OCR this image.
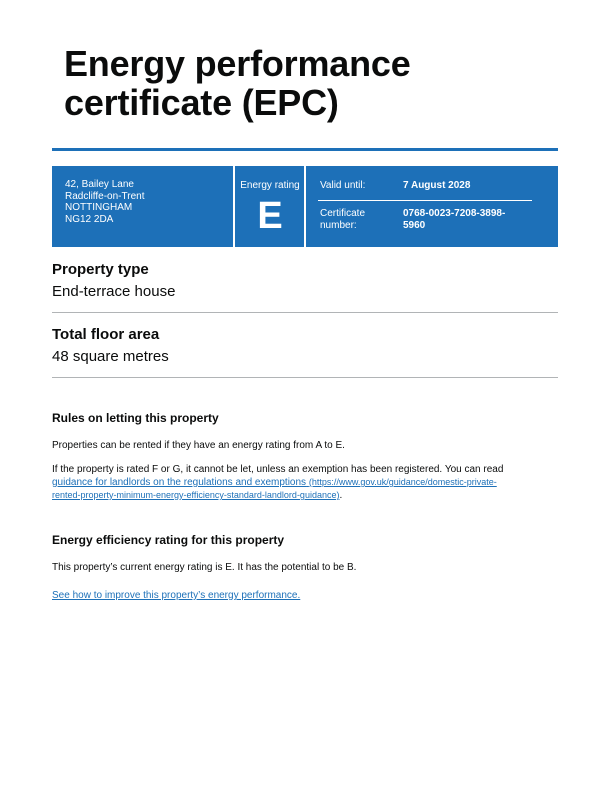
Energy performance certificate (EPC)
42, Bailey Lane
Radcliffe-on-Trent
NOTTINGHAM
NG12 2DA
Energy rating
E
Valid until:	7 August 2028
Certificate
number:
0768-0023-7208-3898-
5960
Property type

End-terrace house

Total floor area

48 square metres

Rules on letting this property

Properties can be rented if they have an energy rating from A to E.

If the property is rated F or G, it cannot be let, unless an exemption has been registered. You can read
guidance for landlords on the regulations and exemptions (https://www.gov.uk/guidance/domestic-private-
rented-property-minimum-energy-efficiency-standard-landlord-guidance).

Energy efficiency rating for this property

This property’s current energy rating is E. It has the potential to be B.

See how to improve this property’s energy performance.
